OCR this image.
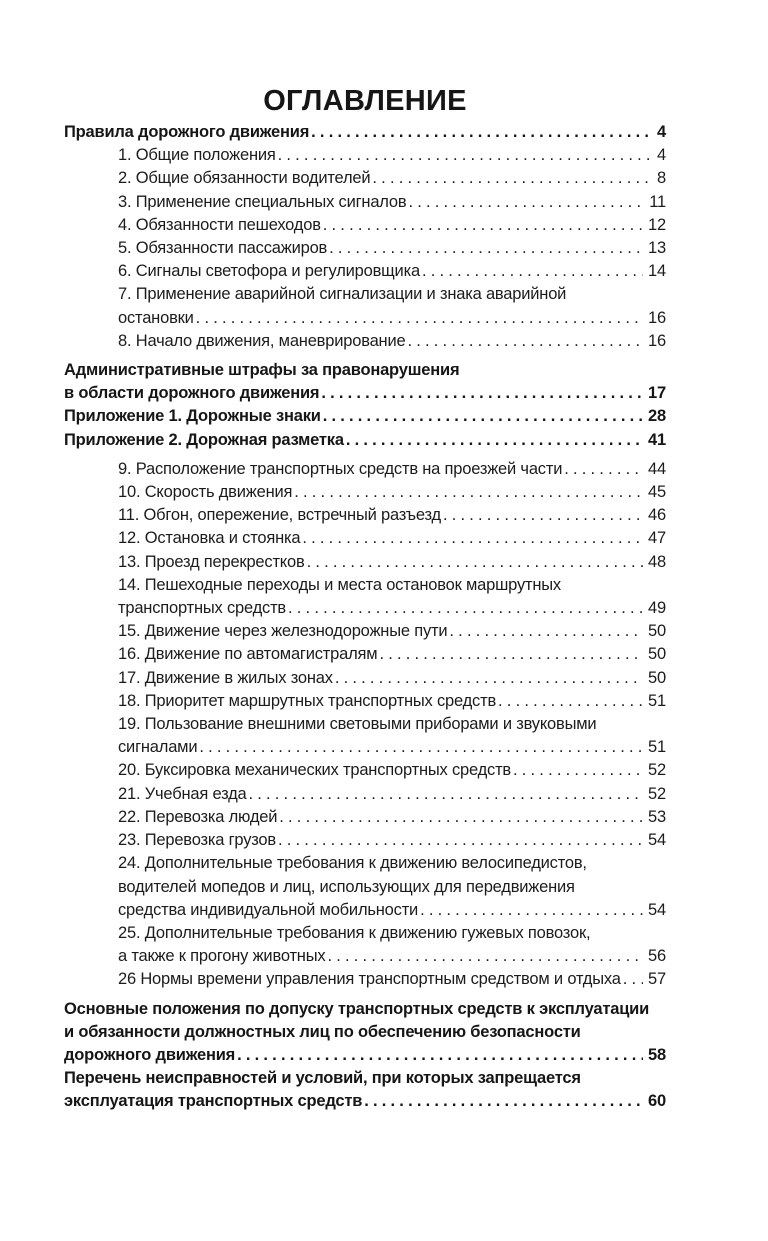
ОГЛАВЛЕНИЕ
Правила дорожного движения . . .	4
1. Общие положения . . .	4
2. Общие обязанности водителей . . .	8
3. Применение специальных сигналов . . .	11
4. Обязанности пешеходов . . .	12
5. Обязанности пассажиров . . .	13
6. Сигналы светофора и регулировщика . . .	14
7. Применение аварийной сигнализации и знака аварийной
остановки . . .	16
8. Начало движения, маневрирование . . .	16
Административные штрафы за правонарушения
в области дорожного движения . . .	17
Приложение 1. Дорожные знаки . . .	28
Приложение 2. Дорожная разметка . . .	41
9. Расположение транспортных средств на проезжей части . . .	44
10. Скорость движения . . .	45
11. Обгон, опережение, встречный разъезд . . .	46
12. Остановка и стоянка . . .	47
13. Проезд перекрестков . . .	48
14. Пешеходные переходы и места остановок маршрутных
транспортных средств . . .	49
15. Движение через железнодорожные пути . . .	50
16. Движение по автомагистралям . . .	50
17. Движение в жилых зонах . . .	50
18. Приоритет маршрутных транспортных средств . . .	51
19. Пользование внешними световыми приборами и звуковыми
сигналами . . .	51
20. Буксировка механических транспортных средств . . .	52
21. Учебная езда . . .	52
22. Перевозка людей . . .	53
23. Перевозка грузов . . .	54
24. Дополнительные требования к движению велосипедистов,
водителей мопедов и лиц, использующих для передвижения
средства индивидуальной мобильности . . .	54
25. Дополнительные требования к движению гужевых повозок,
а также к прогону животных . . .	56
26 Нормы времени управления транспортным средством и отдыха . . .	57
Основные положения по допуску транспортных средств к эксплуатации
и обязанности должностных лиц по обеспечению безопасности
дорожного движения . . .	58
Перечень неисправностей и условий, при которых запрещается
эксплуатация транспортных средств . . .	60
